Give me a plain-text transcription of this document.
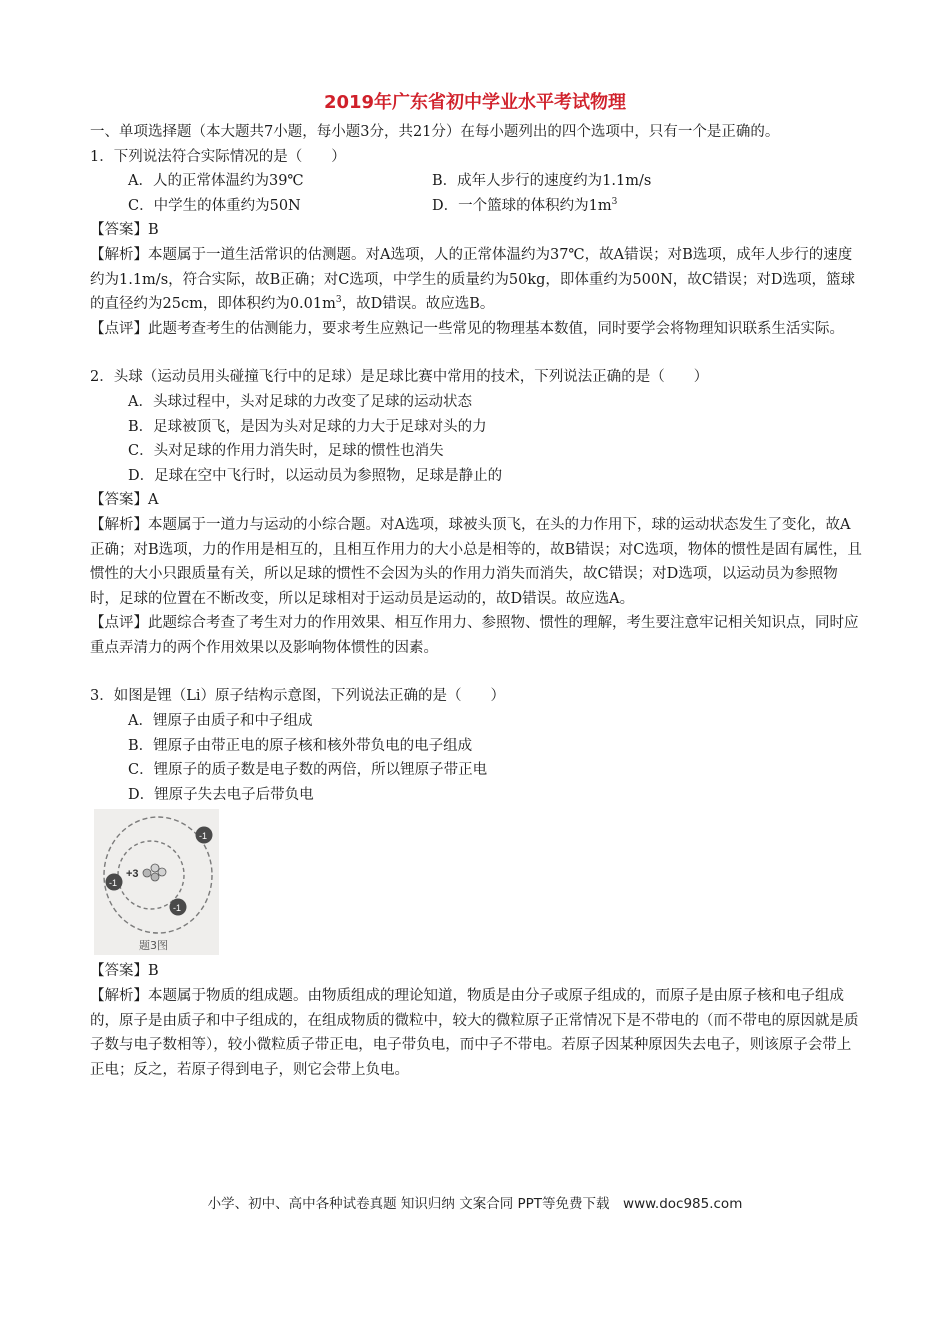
2019年广东省初中学业水平考试物理

一、单项选择题（本大题共7小题，每小题3分，共21分）在每小题列出的四个选项中，只有一个是正确的。

1．下列说法符合实际情况的是（　　）

A．人的正常体温约为39℃	B．成年人步行的速度约为1.1m/s
C．中学生的体重约为50N	D．一个篮球的体积约为$1m^3$

【答案】B

【解析】本题属于一道生活常识的估测题。对A选项，人的正常体温约为37℃，故A错误；对B选项，成年人步行的速度约为1.1m/s，符合实际，故B正确；对C选项，中学生的质量约为50kg，即体重约为500N，故C错误；对D选项，篮球的直径约为25cm，即体积约为$0.01m^3$，故D错误。故应选B。

【点评】此题考查考生的估测能力，要求考生应熟记一些常见的物理基本数值，同时要学会将物理知识联系生活实际。

2．头球（运动员用头碰撞飞行中的足球）是足球比赛中常用的技术，下列说法正确的是（　　）

A．头球过程中，头对足球的力改变了足球的运动状态

B．足球被顶飞，是因为头对足球的力大于足球对头的力

C．头对足球的作用力消失时，足球的惯性也消失

D．足球在空中飞行时，以运动员为参照物，足球是静止的

【答案】A

【解析】本题属于一道力与运动的小综合题。对A选项，球被头顶飞，在头的力作用下，球的运动状态发生了变化，故A正确；对B选项，力的作用是相互的，且相互作用力的大小总是相等的，故B错误；对C选项，物体的惯性是固有属性，且惯性的大小只跟质量有关，所以足球的惯性不会因为头的作用力消失而消失，故C错误；对D选项，以运动员为参照物时，足球的位置在不断改变，所以足球相对于运动员是运动的，故D错误。故应选A。

【点评】此题综合考查了考生对力的作用效果、相互作用力、参照物、惯性的理解，考生要注意牢记相关知识点，同时应重点弄清力的两个作用效果以及影响物体惯性的因素。

3．如图是锂（Li）原子结构示意图，下列说法正确的是（　　）

A．锂原子由质子和中子组成

B．锂原子由带正电的原子核和核外带负电的电子组成

C．锂原子的质子数是电子数的两倍，所以锂原子带正电

D．锂原子失去电子后带负电

+3
-1
-1
-1
题3图

【答案】B

【解析】本题属于物质的组成题。由物质组成的理论知道，物质是由分子或原子组成的，而原子是由原子核和电子组成的，原子是由质子和中子组成的，在组成物质的微粒中，较大的微粒原子正常情况下是不带电的（而不带电的原因就是质子数与电子数相等），较小微粒质子带正电，电子带负电，而中子不带电。若原子因某种原因失去电子，则该原子会带上正电；反之，若原子得到电子，则它会带上负电。

小学、初中、高中各种试卷真题 知识归纳 文案合同 PPT等免费下载　www.doc985.com
